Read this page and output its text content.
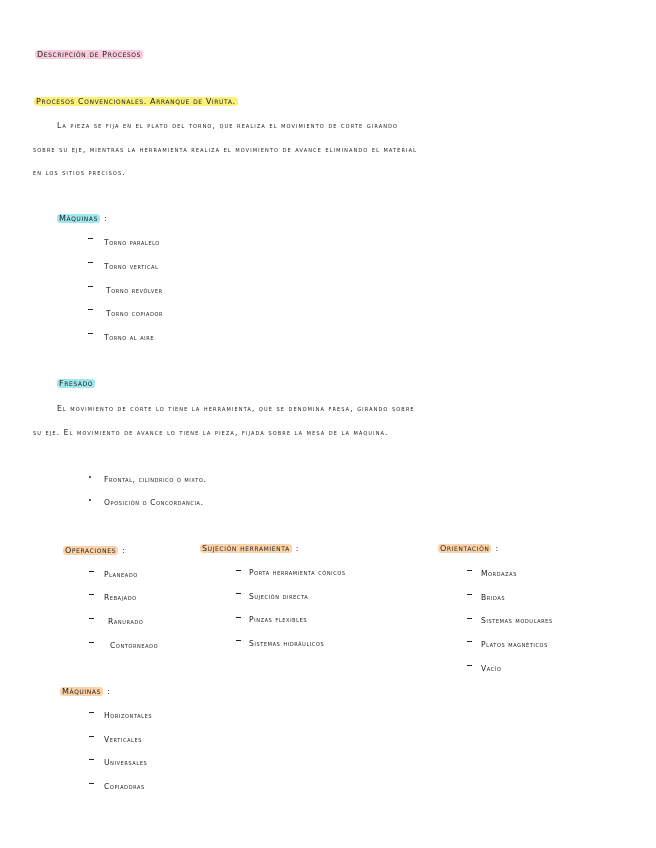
Descripción de Procesos
Procesos Convencionales. Arranque de Viruta.
La pieza se fija en el plato del torno, que realiza el movimiento de corte girando
sobre su eje, mientras la herramienta realiza el movimiento de avance eliminando el material
en los sitios precisos.
Máquinas :
Torno paralelo
Torno vertical
Torno revólver
Torno copiador
Torno al aire
Fresado
El movimiento de corte lo tiene la herramienta, que se denomina fresa, girando sobre
su eje. El movimiento de avance lo tiene la pieza, fijada sobre la mesa de la máquina.
Frontal, cilíndrico o mixto.
Oposición o Concordancia.
Operaciones :
Planeado
Rebajado
Ranurado
Contorneado
Sujeción herramienta :
Porta herramienta cónicos
Sujeción directa
Pinzas flexibles
Sistemas hidráulicos
Orientación :
Mordazas
Bridas
Sistemas modulares
Platos magnéticos
Vacío
Máquinas :
Horizontales
Verticales
Universales
Copiadoras
